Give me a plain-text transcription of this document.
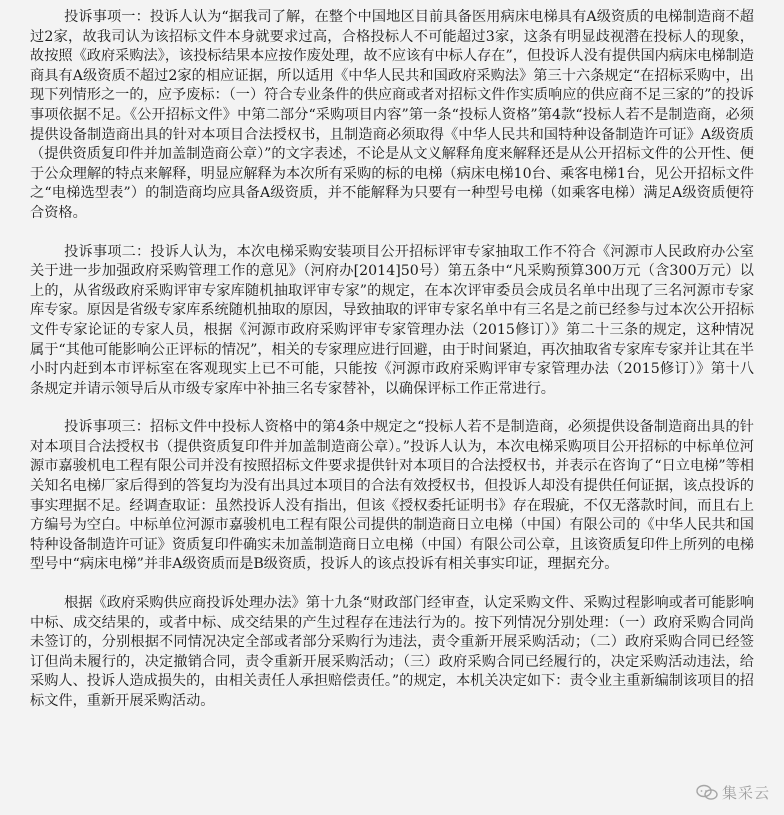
投诉事项一：投诉人认为“据我司了解，在整个中国地区目前具备医用病床电梯具有A级资质的电梯制造商不超过2家，故我司认为该招标文件本身就要求过高，合格投标人不可能超过3家，这条有明显歧视潜在投标人的现象，故按照《政府采购法》，该投标结果本应按作废处理，故不应该有中标人存在”，但投诉人没有提供国内病床电梯制造商具有A级资质不超过2家的相应证据，所以适用《中华人民共和国政府采购法》第三十六条规定“在招标采购中，出现下列情形之一的，应予废标：（一）符合专业条件的供应商或者对招标文件作实质响应的供应商不足三家的”的投诉事项依据不足。《公开招标文件》中第二部分“采购项目内容”第一条“投标人资格”第4款“投标人若不是制造商，必须提供设备制造商出具的针对本项目合法授权书，且制造商必须取得《中华人民共和国特种设备制造许可证》A级资质（提供资质复印件并加盖制造商公章）”的文字表述，不论是从文义解释角度来解释还是从公开招标文件的公开性、便于公众理解的特点来解释，明显应解释为本次所有采购的标的电梯（病床电梯10台、乘客电梯1台，见公开招标文件之“电梯选型表”）的制造商均应具备A级资质，并不能解释为只要有一种型号电梯（如乘客电梯）满足A级资质便符合资格。

投诉事项二：投诉人认为，本次电梯采购安装项目公开招标评审专家抽取工作不符合《河源市人民政府办公室关于进一步加强政府采购管理工作的意见》（河府办[2014]50号）第五条中“凡采购预算300万元（含300万元）以上的，从省级政府采购评审专家库随机抽取评审专家”的规定，在本次评审委员会成员名单中出现了三名河源市专家库专家。原因是省级专家库系统随机抽取的原因，导致抽取的评审专家名单中有三名是之前已经参与过本次公开招标文件专家论证的专家人员，根据《河源市政府采购评审专家管理办法（2015修订）》第二十三条的规定，这种情况属于“其他可能影响公正评标的情况”，相关的专家理应进行回避，由于时间紧迫，再次抽取省专家库专家并让其在半小时内赶到本市评标室在客观现实上已不可能，只能按《河源市政府采购评审专家管理办法（2015修订）》第十八条规定并请示领导后从市级专家库中补抽三名专家替补，以确保评标工作正常进行。

投诉事项三：招标文件中投标人资格中的第4条中规定之“投标人若不是制造商，必须提供设备制造商出具的针对本项目合法授权书（提供资质复印件并加盖制造商公章）。”投诉人认为，本次电梯采购项目公开招标的中标单位河源市嘉骏机电工程有限公司并没有按照招标文件要求提供针对本项目的合法授权书，并表示在咨询了“日立电梯”等相关知名电梯厂家后得到的答复均为没有出具过本项目的合法有效授权书，但投诉人却没有提供任何证据，该点投诉的事实理据不足。经调查取证：虽然投诉人没有指出，但该《授权委托证明书》存在瑕疵，不仅无落款时间，而且右上方编号为空白。中标单位河源市嘉骏机电工程有限公司提供的制造商日立电梯（中国）有限公司的《中华人民共和国特种设备制造许可证》资质复印件确实未加盖制造商日立电梯（中国）有限公司公章，且该资质复印件上所列的电梯型号中“病床电梯”并非A级资质而是B级资质，投诉人的该点投诉有相关事实印证，理据充分。

根据《政府采购供应商投诉处理办法》第十九条“财政部门经审查，认定采购文件、采购过程影响或者可能影响中标、成交结果的，或者中标、成交结果的产生过程存在违法行为的。按下列情况分别处理：（一）政府采购合同尚未签订的，分别根据不同情况决定全部或者部分采购行为违法，责令重新开展采购活动；（二）政府采购合同已经签订但尚未履行的，决定撤销合同，责令重新开展采购活动；（三）政府采购合同已经履行的，决定采购活动违法，给采购人、投诉人造成损失的，由相关责任人承担赔偿责任。”的规定，本机关决定如下：责令业主重新编制该项目的招标文件，重新开展采购活动。

集采云
